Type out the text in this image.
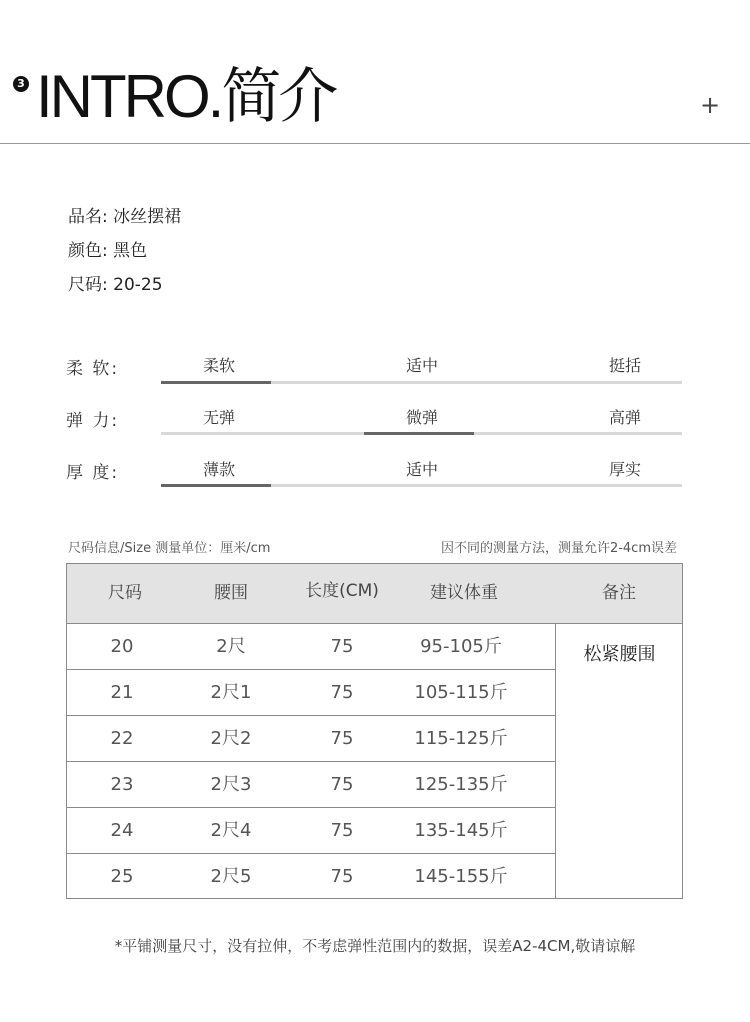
3 INTRO.简介	+
品名: 冰丝摆裙
颜色: 黑色
尺码: 20-25
柔 软:	柔软	适中	挺括
弹 力:	无弹	微弹	高弹
厚 度:	薄款	适中	厚实
尺码信息/Size 测量单位：厘米/cm	因不同的测量方法，测量允许2-4cm误差
尺码	腰围	长度(CM)	建议体重	备注
20	2尺	75	95-105斤
21	2尺1	75	105-115斤
22	2尺2	75	115-125斤
23	2尺3	75	125-135斤
24	2尺4	75	135-145斤
25	2尺5	75	145-155斤
松紧腰围
*平铺测量尺寸，没有拉伸，不考虑弹性范围内的数据，误差A2-4CM,敬请谅解
